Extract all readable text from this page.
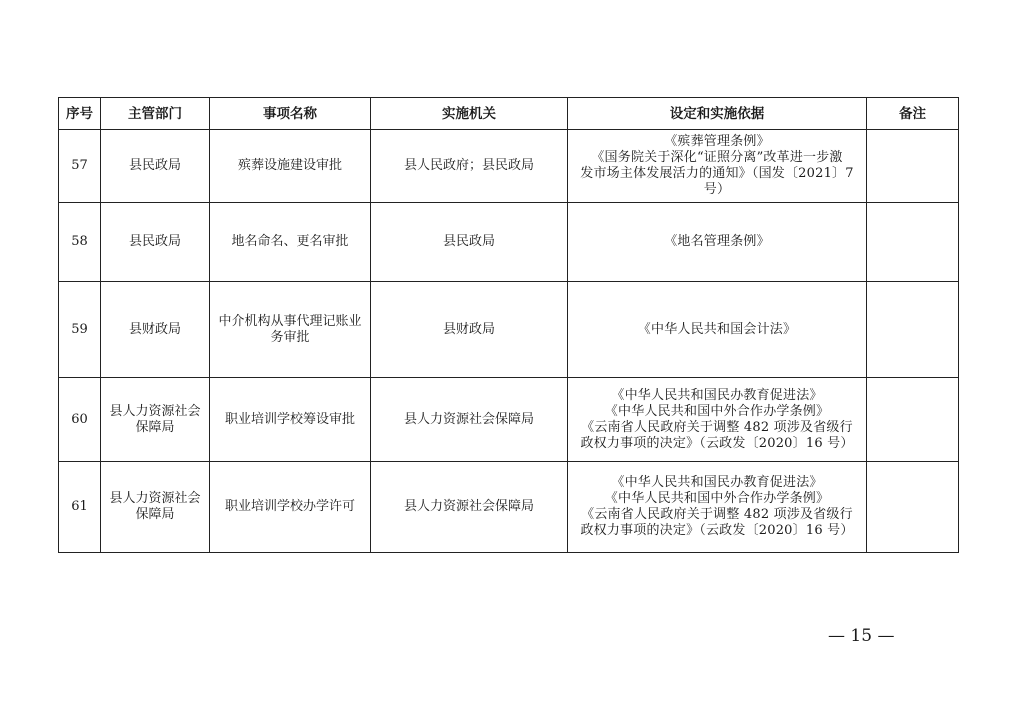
序号	主管部门	事项名称	实施机关	设定和实施依据	备注
57	县民政局	殡葬设施建设审批	县人民政府；县民政局	《殡葬管理条例》
《国务院关于深化“证照分离”改革进一步激
发市场主体发展活力的通知》（国发〔2021〕7
号）	

58	县民政局	地名命名、更名审批	县民政局	《地名管理条例》	

59	县财政局	中介机构从事代理记账业务审批	县财政局	《中华人民共和国会计法》	

60	县人力资源社会保障局	职业培训学校筹设审批	县人力资源社会保障局	《中华人民共和国民办教育促进法》
《中华人民共和国中外合作办学条例》
《云南省人民政府关于调整 482 项涉及省级行
政权力事项的决定》（云政发〔2020〕16 号）	

61	县人力资源社会保障局	职业培训学校办学许可	县人力资源社会保障局	《中华人民共和国民办教育促进法》
《中华人民共和国中外合作办学条例》
《云南省人民政府关于调整 482 项涉及省级行
政权力事项的决定》（云政发〔2020〕16 号）	

— 15 —
